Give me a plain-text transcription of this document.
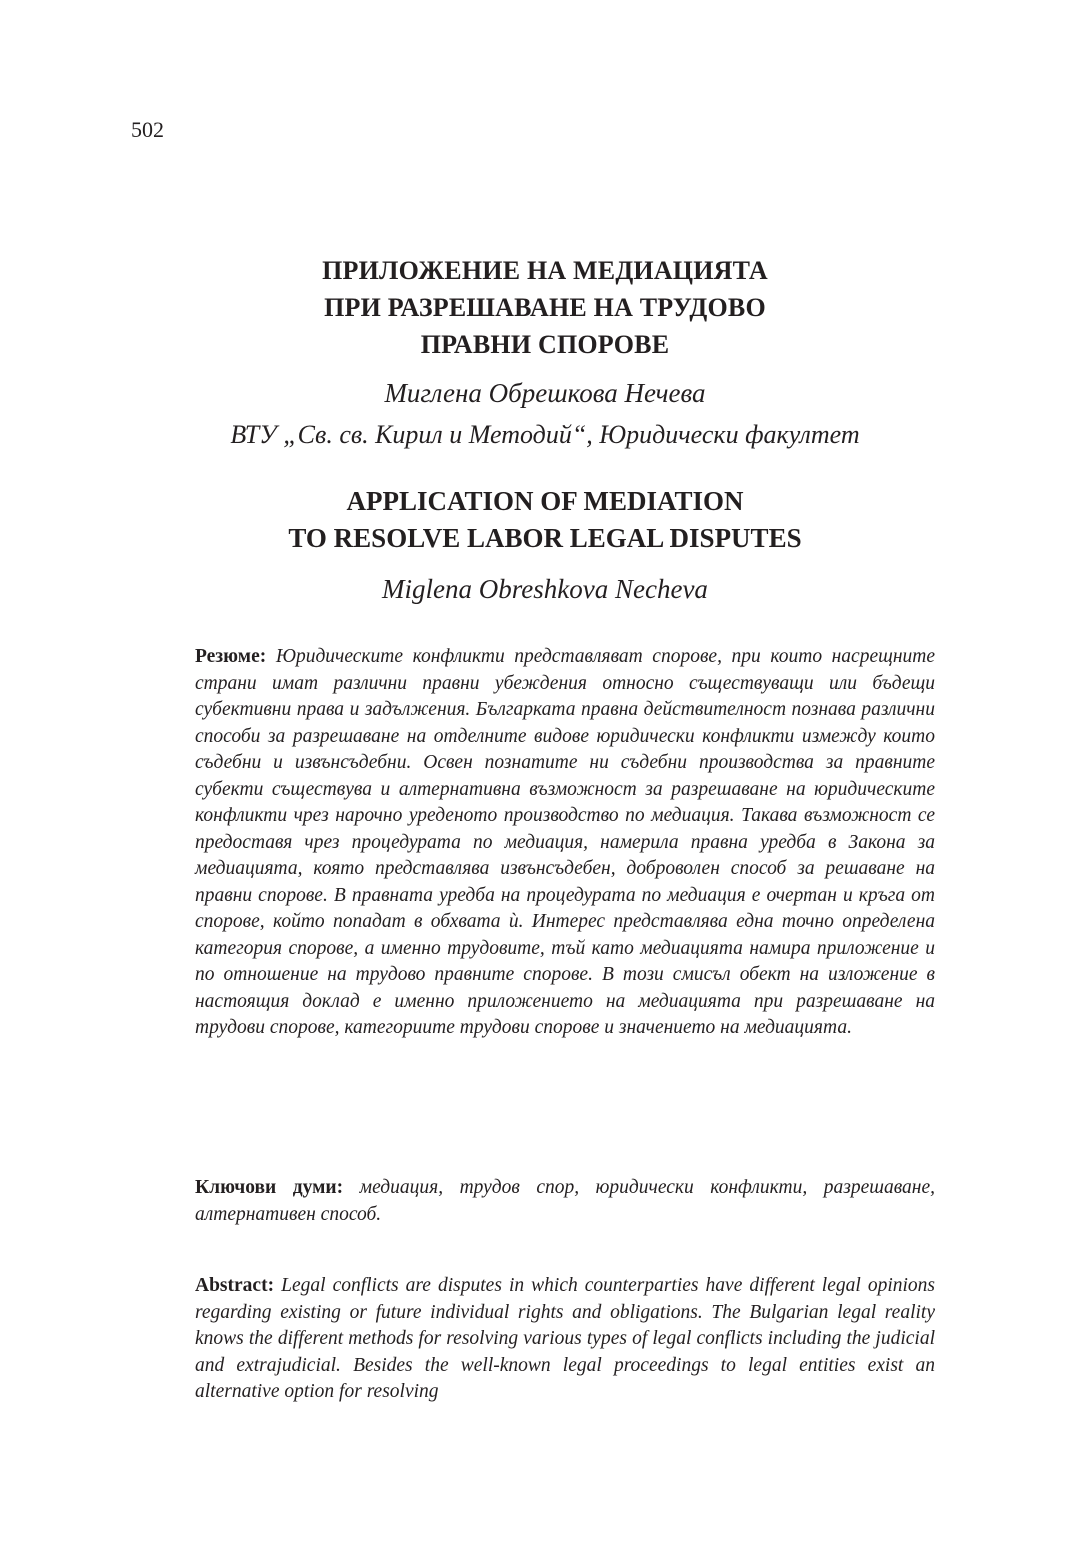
502
ПРИЛОЖЕНИЕ НА МЕДИАЦИЯТА
ПРИ РАЗРЕШАВАНЕ НА ТРУДОВО
ПРАВНИ СПОРОВЕ
Миглена Обрешкова Нечева
ВТУ „Св. св. Кирил и Методий“, Юридически факултет
APPLICATION OF MEDIATION
TO RESOLVE LABOR LEGAL DISPUTES
Miglena Obreshkova Necheva
Резюме: Юридическите конфликти представляват спорове, при които насрещните страни имат различни правни убеждения относно съществуващи или бъдещи субективни права и задължения. Българката правна действителност познава различни способи за разрешаване на отделните видове юридически конфликти измежду които съдебни и извънсъдебни. Освен познатите ни съдебни производства за правните субекти съществува и алтернативна възможност за разрешаване на юридическите конфликти чрез нарочно уреденото производство по медиация. Такава възможност се предоставя чрез процедурата по медиация, намерила правна уредба в Закона за медиацията, която представлява извънсъдебен, доброволен способ за решаване на правни спорове. В правната уредба на процедурата по медиация е очертан и кръга от спорове, който попадат в обхвата ѝ. Интерес представлява една точно определена категория спорове, а именно трудовите, тъй като медиацията намира приложение и по отношение на трудово правните спорове. В този смисъл обект на изложение в настоящия доклад е именно приложението на медиацията при разрешаване на трудови спорове, категориите трудови спорове и значението на медиацията.
Ключови думи: медиация, трудов спор, юридически конфликти, разрешаване, алтернативен способ.
Abstract: Legal conflicts are disputes in which counterparties have different legal opinions regarding existing or future individual rights and obligations. The Bulgarian legal reality knows the different methods for resolving various types of legal conflicts including the judicial and extrajudicial. Besides the well-known legal proceedings to legal entities exist an alternative option for resolving
